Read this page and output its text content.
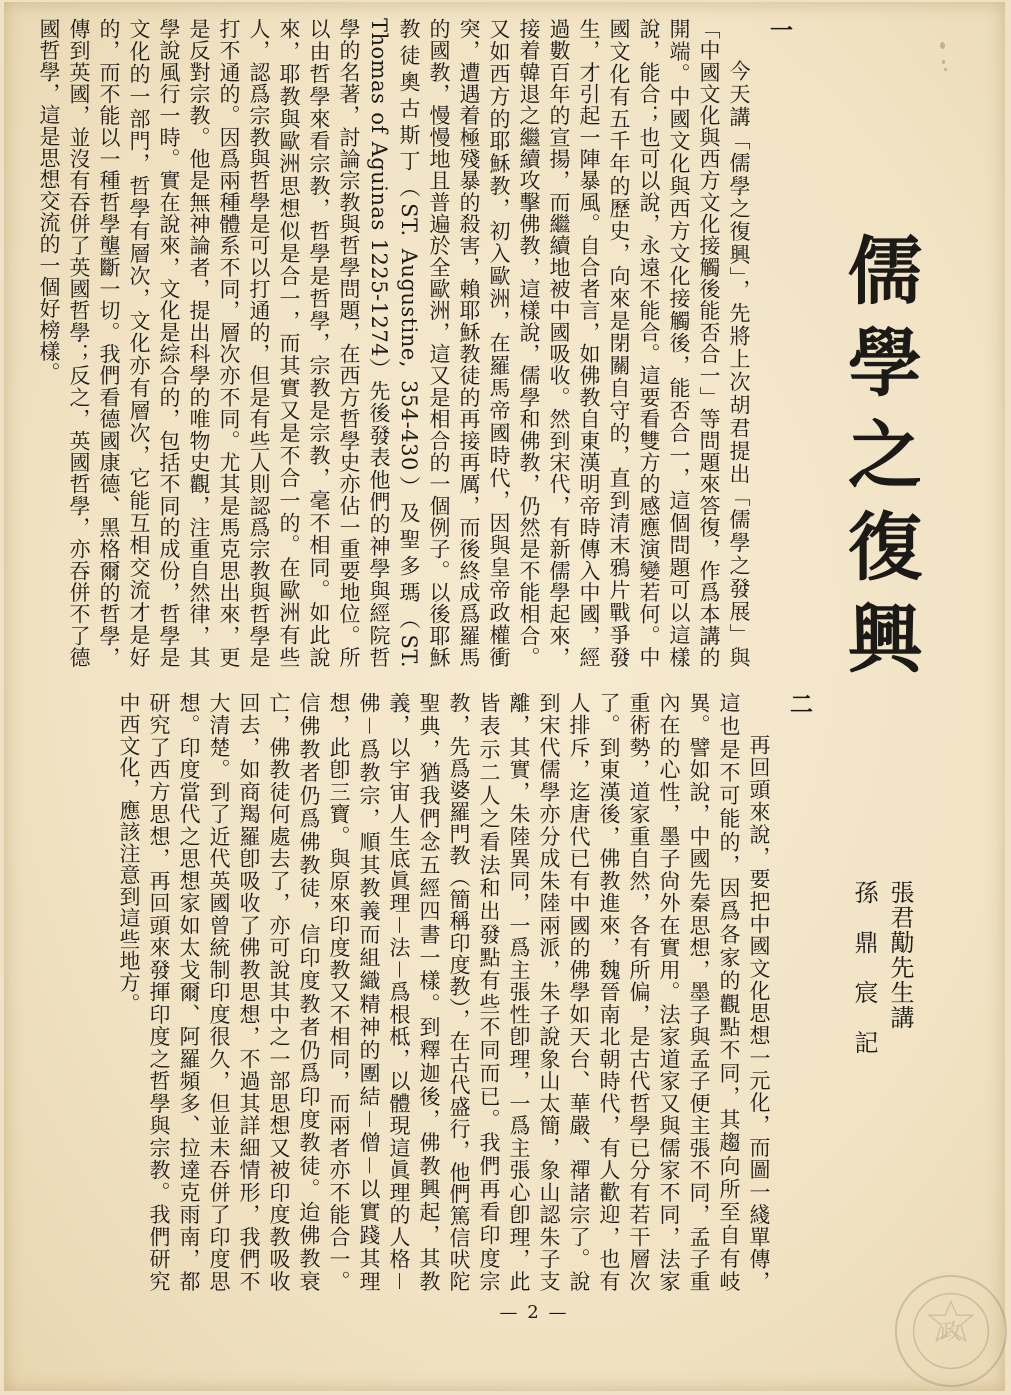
儒學之復興
張君勱先生講
孫　鼎　宸　記

一

今天講「儒學之復興」，先將上次胡君提出「儒學之發展」與「中國文化與西方文化接觸後能否合一」等問題來答復，作爲本講的開端。中國文化與西方文化接觸後，能否合一，這個問題可以這樣說，能合；也可以說，永遠不能合。這要看雙方的感應演變若何。中國文化有五千年的歷史，向來是閉關自守的，直到清末鴉片戰爭發生，才引起一陣暴風。自合者言，如佛教自東漢明帝時傳入中國，經過數百年的宣揚，而繼續地被中國吸收。然到宋代，有新儒學起來，接着韓退之繼續攻擊佛教，這樣說，儒學和佛教，仍然是不能相合。又如西方的耶穌教，初入歐洲，在羅馬帝國時代，因與皇帝政權衝突，遭遇着極殘暴的殺害，賴耶穌教徒的再接再厲，而後終成爲羅馬的國教，慢慢地且普遍於全歐洲，這又是相合的一個例子。以後耶穌教徒奧古斯丁（ST. Augustine, 354-430）及聖多瑪（ST. Thomas of Aguinas 1225-1274）先後發表他們的神學與經院哲學的名著，討論宗教與哲學問題，在西方哲學史亦佔一重要地位。所以由哲學來看宗教，哲學是哲學，宗教是宗教，毫不相同。如此說來，耶教與歐洲思想似是合一，而其實又是不合一的。在歐洲有些人，認爲宗教與哲學是可以打通的，但是有些人則認爲宗教與哲學是打不通的。因爲兩種體系不同，層次亦不同。尤其是馬克思出來，更是反對宗教。他是無神論者，提出科學的唯物史觀，注重自然律，其學說風行一時。實在說來，文化是綜合的，包括不同的成份，哲學是文化的一部門，哲學有層次，文化亦有層次，它能互相交流才是好的，而不能以一種哲學壟斷一切。我們看德國康德、黑格爾的哲學，傳到英國，並沒有吞併了英國哲學；反之，英國哲學，亦吞併不了德國哲學，這是思想交流的一個好榜樣。

二

再回頭來說，要把中國文化思想一元化，而圖一綫單傳，這也是不可能的，因爲各家的觀點不同，其趨向所至自有岐異。譬如說，中國先秦思想，墨子與孟子便主張不同，孟子重內在的心性，墨子尙外在實用。法家道家又與儒家不同，法家重術勢，道家重自然，各有所偏，是古代哲學已分有若干層次了。到東漢後，佛教進來，魏晉南北朝時代，有人歡迎，也有人排斥，迄唐代已有中國的佛學如天台、華嚴、禪諸宗了。說到宋代儒學亦分成朱陸兩派，朱子說象山太簡，象山認朱子支離，其實，朱陸異同，一爲主張性卽理，一爲主張心卽理，此皆表示二人之看法和出發點有些不同而已。我們再看印度宗教，先爲婆羅門教（簡稱印度教），在古代盛行，他們篤信吠陀聖典，猶我們念五經四書一樣。到釋迦後，佛教興起，其教義，以宇宙人生底眞理－法－爲根柢，以體現這眞理的人格－佛－爲教宗，順其教義而組織精神的團結－僧－以實踐其理想，此卽三寶。與原來印度教又不相同，而兩者亦不能合一。信佛教者仍爲佛教徒，信印度教者仍爲印度教徒。迨佛教衰亡，佛教徒何處去了，亦可說其中之一部思想又被印度教吸收回去，如商羯羅卽吸收了佛教思想，不過其詳細情形，我們不大清楚。到了近代英國曾統制印度很久，但並未吞併了印度思想。印度當代之思想家如太戈爾、阿羅頻多、拉達克雨南，都研究了西方思想，再回頭來發揮印度之哲學與宗教。我們研究中西文化，應該注意到這些地方。

— 2 —
政
